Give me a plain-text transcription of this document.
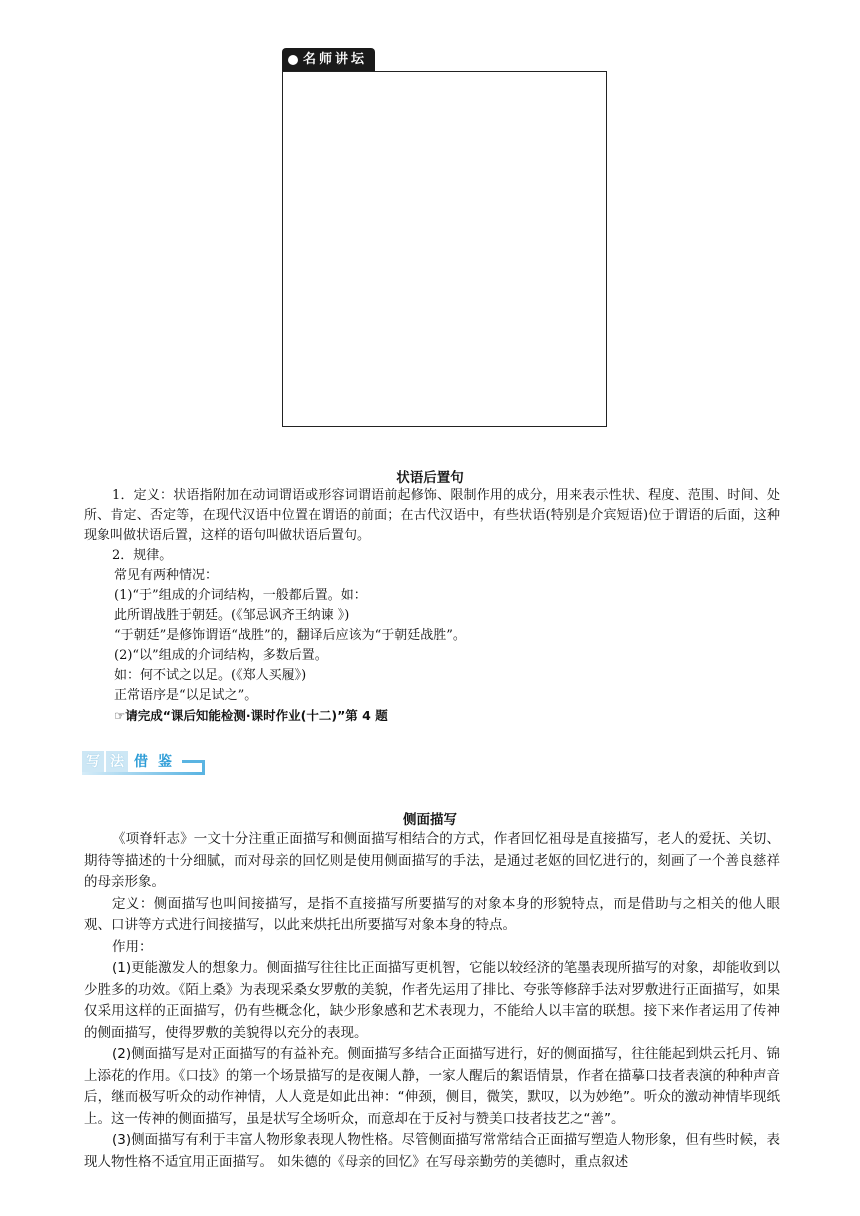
名师讲坛
状语后置句

1．定义：状语指附加在动词谓语或形容词谓语前起修饰、限制作用的成分，用来表示性状、程度、范围、时间、处所、肯定、否定等，在现代汉语中位置在谓语的前面；在古代汉语中，有些状语(特别是介宾短语)位于谓语的后面，这种现象叫做状语后置，这样的语句叫做状语后置句。

2．规律。

常见有两种情况：

(1)“于”组成的介词结构，一般都后置。如：

此所谓战胜于朝廷。(《邹忌讽齐王纳谏 》)

“于朝廷”是修饰谓语“战胜”的，翻译后应该为“于朝廷战胜”。

(2)“以”组成的介词结构，多数后置。

如：何不试之以足。(《郑人买履》)

正常语序是“以足试之”。

☞请完成“课后知能检测·课时作业(十二)”第 4 题

写 法 借 鉴
侧面描写

《项脊轩志》一文十分注重正面描写和侧面描写相结合的方式，作者回忆祖母是直接描写，老人的爱抚、关切、期待等描述的十分细腻，而对母亲的回忆则是使用侧面描写的手法，是通过老妪的回忆进行的，刻画了一个善良慈祥的母亲形象。

定义：侧面描写也叫间接描写，是指不直接描写所要描写的对象本身的形貌特点，而是借助与之相关的他人眼观、口讲等方式进行间接描写，以此来烘托出所要描写对象本身的特点。

作用：

(1)更能激发人的想象力。侧面描写往往比正面描写更机智，它能以较经济的笔墨表现所描写的对象，却能收到以少胜多的功效。《陌上桑》为表现采桑女罗敷的美貌，作者先运用了排比、夸张等修辞手法对罗敷进行正面描写，如果仅采用这样的正面描写，仍有些概念化，缺少形象感和艺术表现力，不能给人以丰富的联想。接下来作者运用了传神的侧面描写，使得罗敷的美貌得以充分的表现。

(2)侧面描写是对正面描写的有益补充。侧面描写多结合正面描写进行，好的侧面描写，往往能起到烘云托月、锦上添花的作用。《口技》的第一个场景描写的是夜阑人静，一家人醒后的絮语情景，作者在描摹口技者表演的种种声音后，继而极写听众的动作神情，人人竟是如此出神：“伸颈，侧目，微笑，默叹，以为妙绝”。听众的激动神情毕现纸上。这一传神的侧面描写，虽是状写全场听众，而意却在于反衬与赞美口技者技艺之“善”。

(3)侧面描写有利于丰富人物形象表现人物性格。尽管侧面描写常常结合正面描写塑造人物形象，但有些时候，表现人物性格不适宜用正面描写。 如朱德的《母亲的回忆》在写母亲勤劳的美德时，重点叙述
